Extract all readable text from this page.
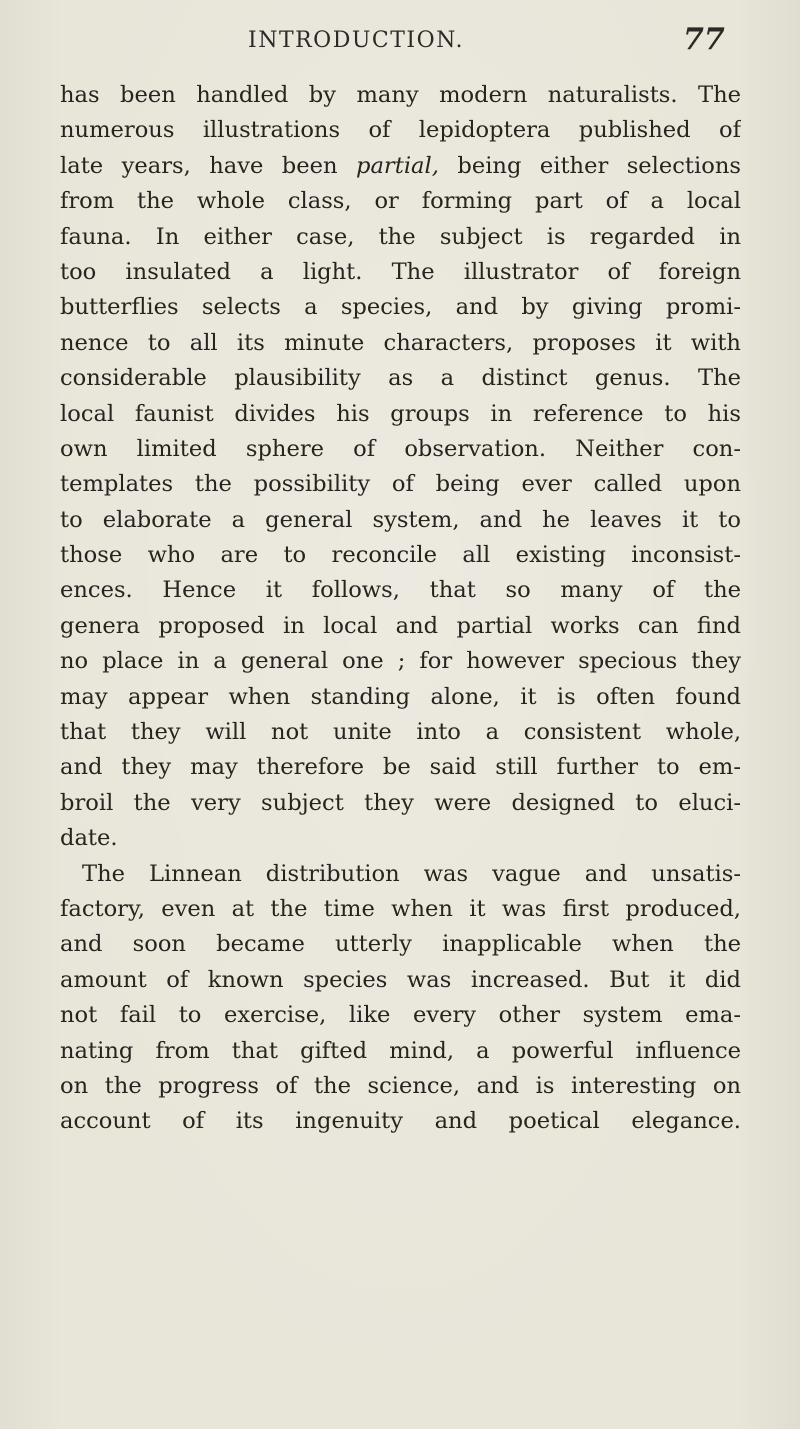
INTRODUCTION.	77
has been handled by many modern naturalists. The
numerous illustrations of lepidoptera published of
late years, have been partial, being either selections
from the whole class, or forming part of a local
fauna. In either case, the subject is regarded in
too insulated a light. The illustrator of foreign
butterflies selects a species, and by giving promi-
nence to all its minute characters, proposes it with
considerable plausibility as a distinct genus. The
local faunist divides his groups in reference to his
own limited sphere of observation. Neither con-
templates the possibility of being ever called upon
to elaborate a general system, and he leaves it to
those who are to reconcile all existing inconsist-
ences. Hence it follows, that so many of the
genera proposed in local and partial works can find
no place in a general one ; for however specious they
may appear when standing alone, it is often found
that they will not unite into a consistent whole,
and they may therefore be said still further to em-
broil the very subject they were designed to eluci-
date.
The Linnean distribution was vague and unsatis-
factory, even at the time when it was first produced,
and soon became utterly inapplicable when the
amount of known species was increased. But it did
not fail to exercise, like every other system ema-
nating from that gifted mind, a powerful influence
on the progress of the science, and is interesting on
account of its ingenuity and poetical elegance.
